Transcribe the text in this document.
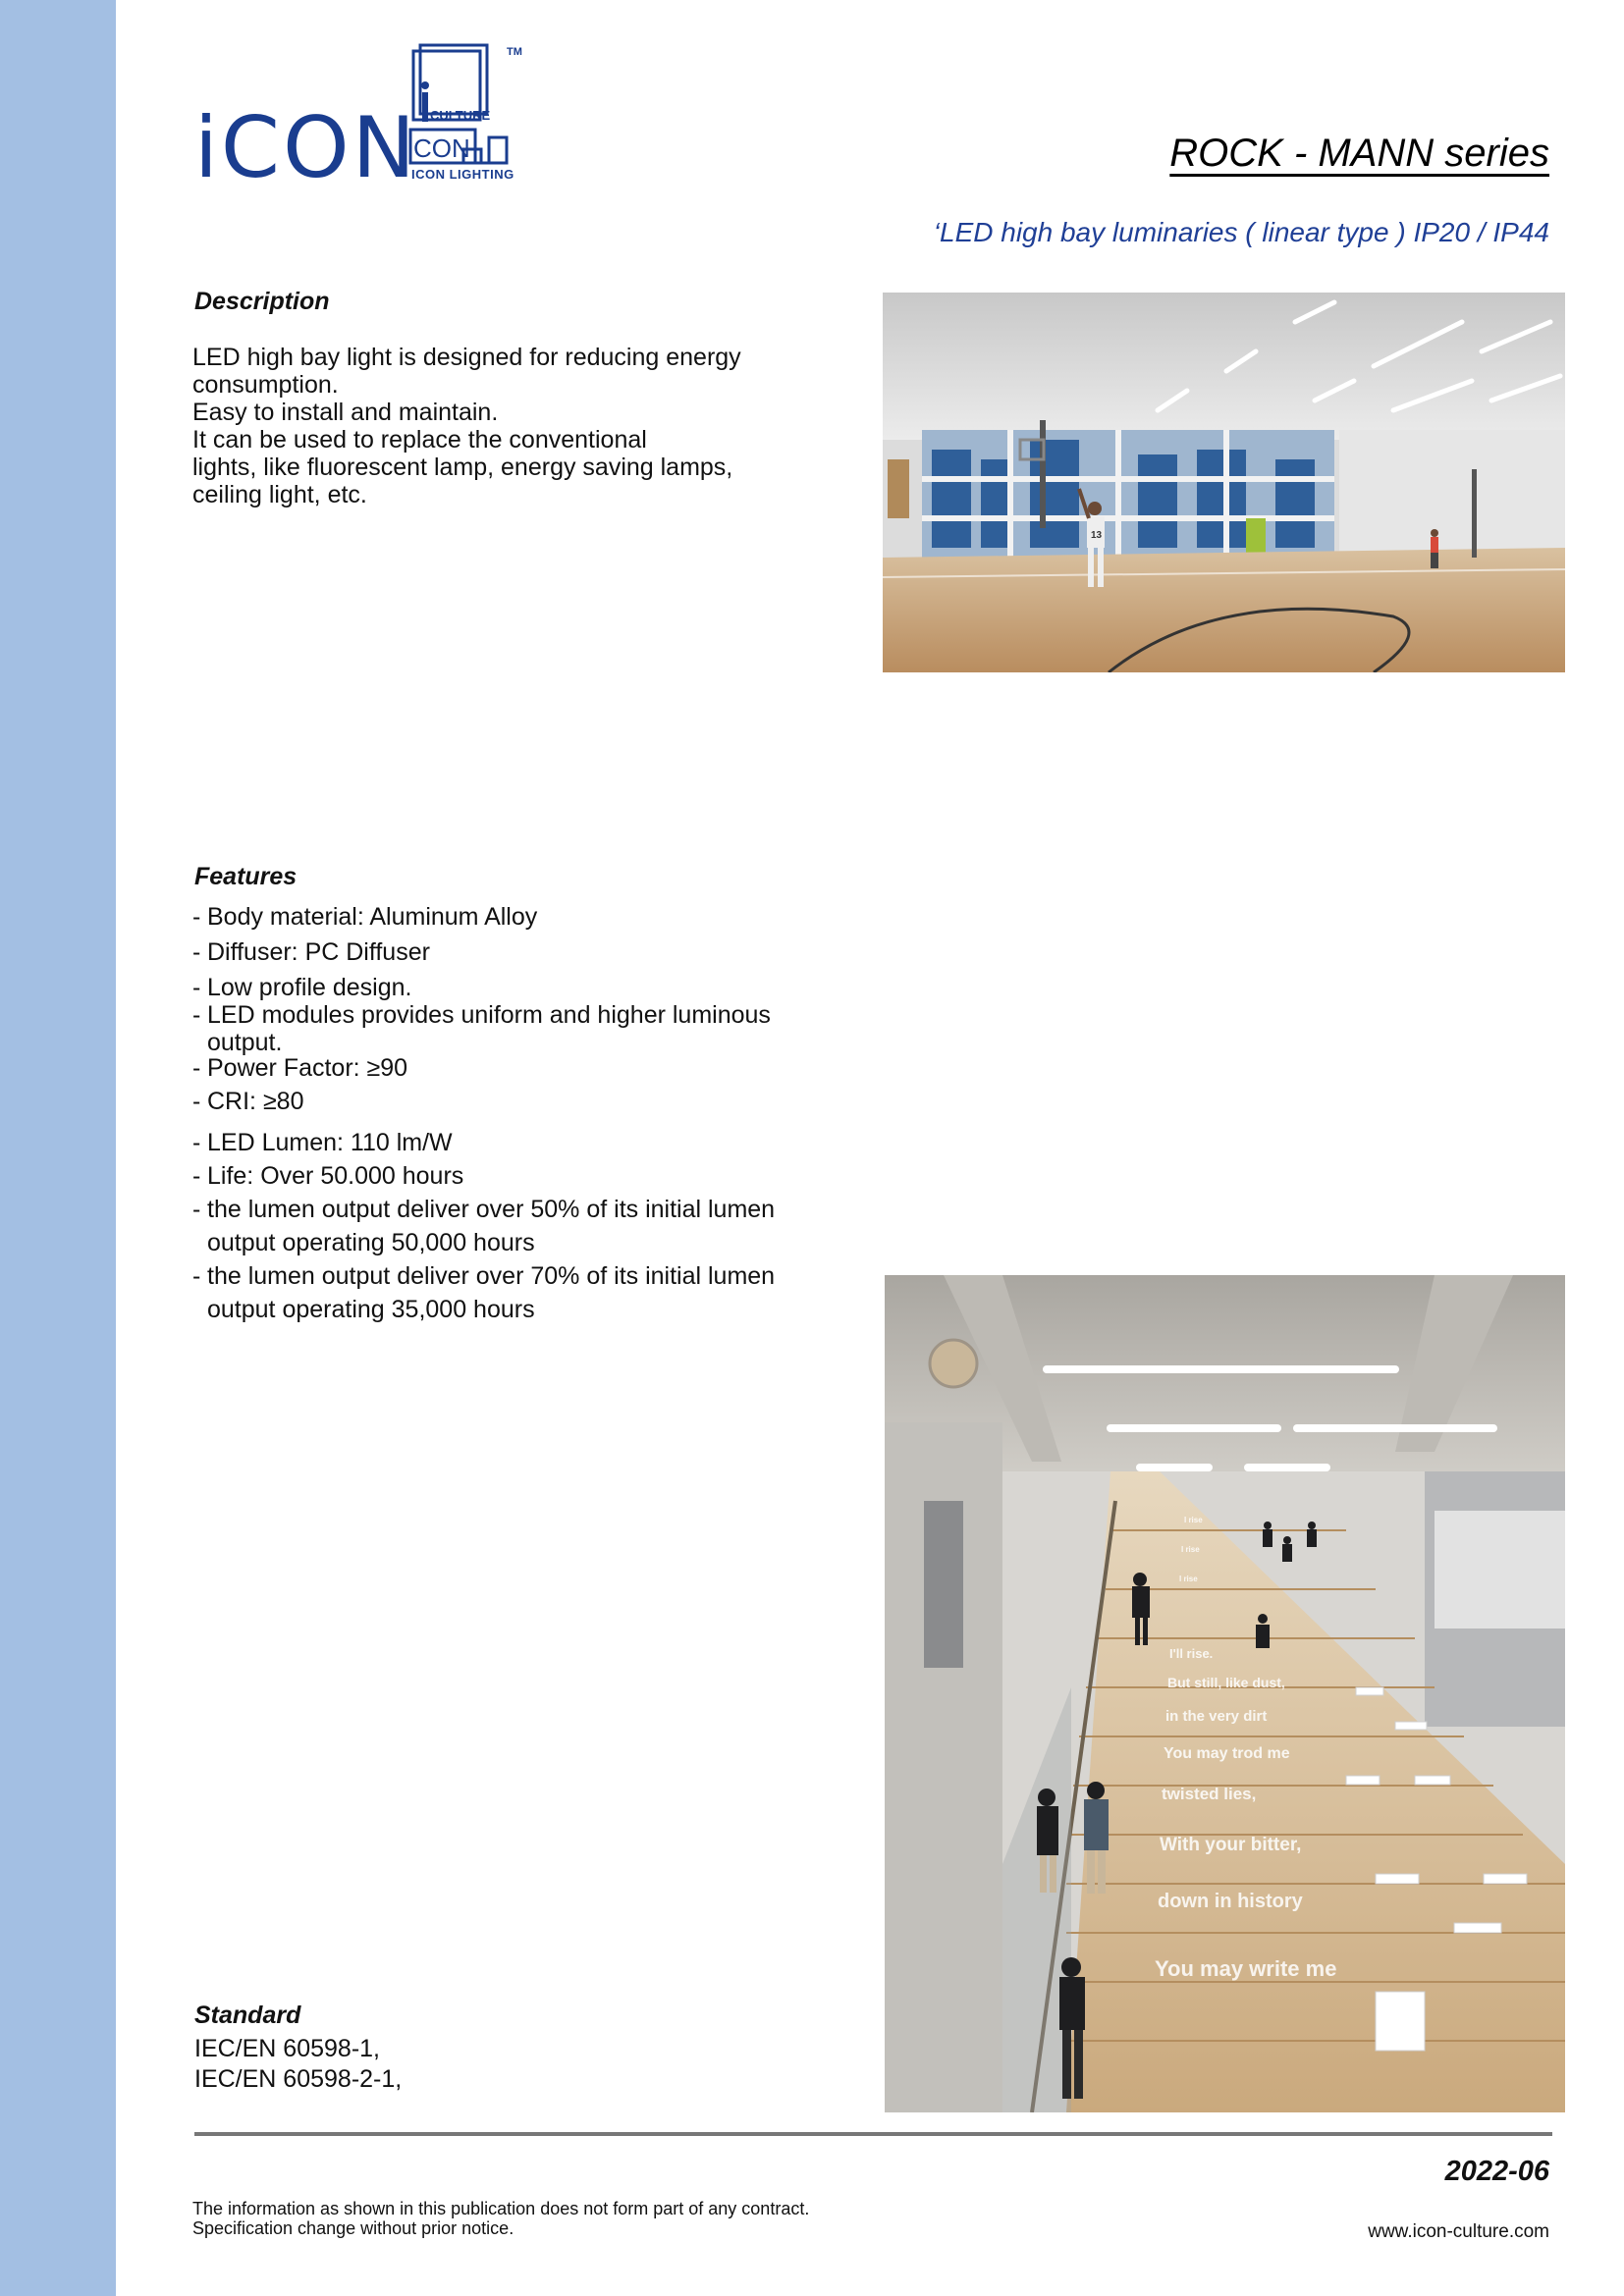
iCON CULTURE
CON
TM
ICON LIGHTING	ROCK - MANN series
‘LED high bay luminaries ( linear type ) IP20 / IP44
Description

LED high bay light is designed for reducing energy

consumption.

Easy to install and maintain.

It can be used to replace the conventional

lights, like fluorescent lamp, energy saving lamps,

ceiling light, etc.

13
Features
- Body material: Aluminum Alloy
- Diffuser: PC Diffuser
- Low profile design.
- LED modules provides uniform and higher luminous
output.
- Power Factor: ≥90
- CRI: ≥80
- LED Lumen: 110 lm/W
- Life: Over 50.000 hours
- the lumen output deliver over 50% of its initial lumen
output operating 50,000 hours
- the lumen output deliver over 70% of its initial lumen
output operating 35,000 hours
I rise
I rise
I rise
I'll rise.
But still, like dust,
in the very dirt
You may trod me
twisted lies,
With your bitter,
down in history
You may write me
Standard
IEC/EN 60598-1,
IEC/EN 60598-2-1,
2022-06
The information as shown in this publication does not form part of any contract.
Specification change without prior notice.	www.icon-culture.com
